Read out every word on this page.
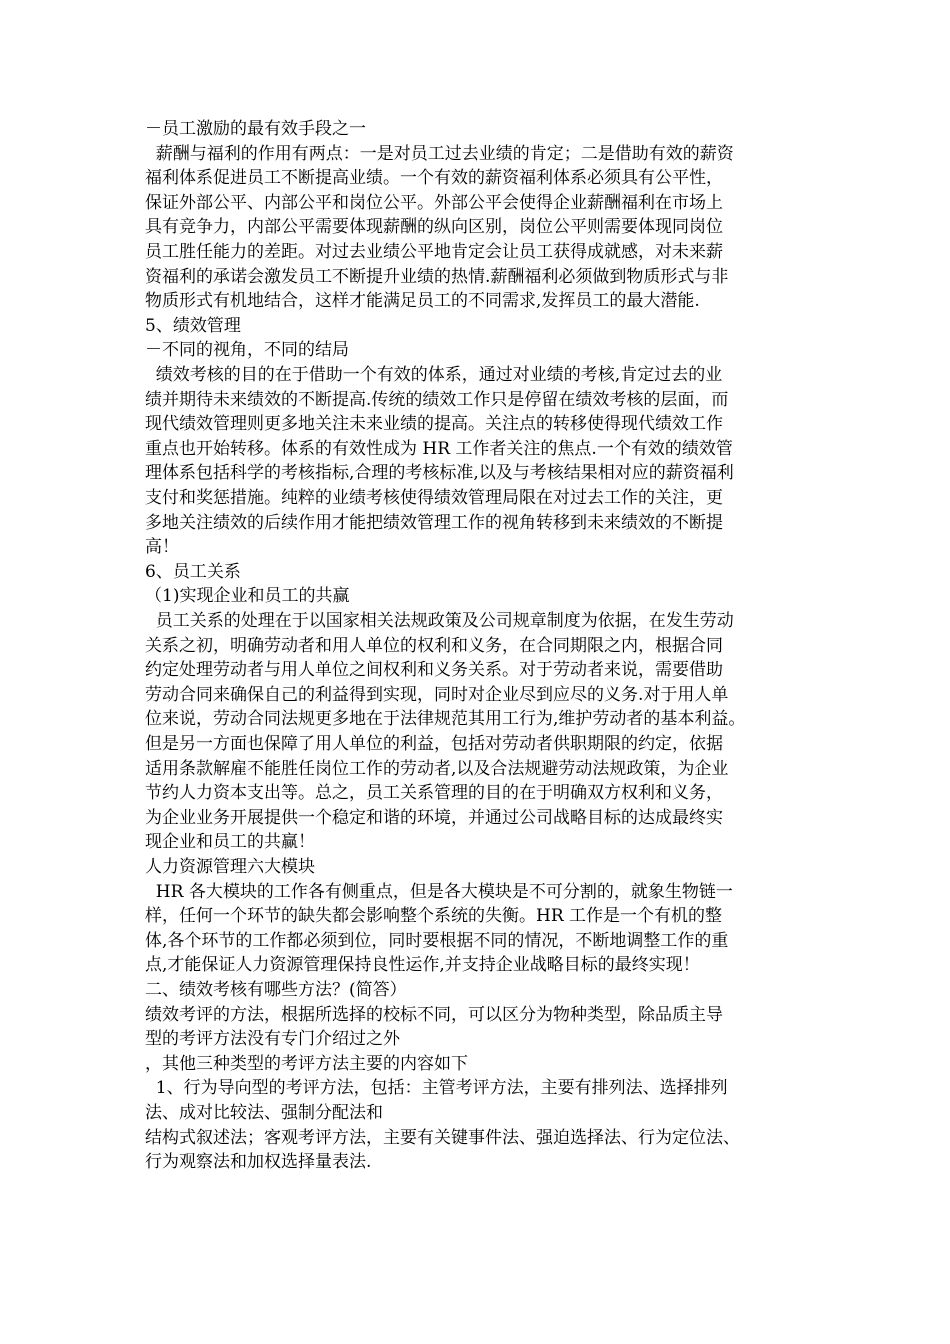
－员工激励的最有效手段之一
薪酬与福利的作用有两点：一是对员工过去业绩的肯定；二是借助有效的薪资
福利体系促进员工不断提高业绩。一个有效的薪资福利体系必须具有公平性，
保证外部公平、内部公平和岗位公平。外部公平会使得企业薪酬福利在市场上
具有竞争力，内部公平需要体现薪酬的纵向区别，岗位公平则需要体现同岗位
员工胜任能力的差距。对过去业绩公平地肯定会让员工获得成就感，对未来薪
资福利的承诺会激发员工不断提升业绩的热情.薪酬福利必须做到物质形式与非
物质形式有机地结合，这样才能满足员工的不同需求,发挥员工的最大潜能.
5、绩效管理
－不同的视角，不同的结局
绩效考核的目的在于借助一个有效的体系，通过对业绩的考核,肯定过去的业
绩并期待未来绩效的不断提高.传统的绩效工作只是停留在绩效考核的层面，而
现代绩效管理则更多地关注未来业绩的提高。关注点的转移使得现代绩效工作
重点也开始转移。体系的有效性成为 HR 工作者关注的焦点.一个有效的绩效管
理体系包括科学的考核指标,合理的考核标准,以及与考核结果相对应的薪资福利
支付和奖惩措施。纯粹的业绩考核使得绩效管理局限在对过去工作的关注，更
多地关注绩效的后续作用才能把绩效管理工作的视角转移到未来绩效的不断提
高！
6、员工关系
（1)实现企业和员工的共赢
员工关系的处理在于以国家相关法规政策及公司规章制度为依据，在发生劳动
关系之初，明确劳动者和用人单位的权利和义务，在合同期限之内，根据合同
约定处理劳动者与用人单位之间权利和义务关系。对于劳动者来说，需要借助
劳动合同来确保自己的利益得到实现，同时对企业尽到应尽的义务.对于用人单
位来说，劳动合同法规更多地在于法律规范其用工行为,维护劳动者的基本利益。
但是另一方面也保障了用人单位的利益，包括对劳动者供职期限的约定，依据
适用条款解雇不能胜任岗位工作的劳动者,以及合法规避劳动法规政策，为企业
节约人力资本支出等。总之，员工关系管理的目的在于明确双方权利和义务，
为企业业务开展提供一个稳定和谐的环境，并通过公司战略目标的达成最终实
现企业和员工的共赢！
人力资源管理六大模块
HR 各大模块的工作各有侧重点，但是各大模块是不可分割的，就象生物链一
样，任何一个环节的缺失都会影响整个系统的失衡。HR 工作是一个有机的整
体,各个环节的工作都必须到位，同时要根据不同的情况，不断地调整工作的重
点,才能保证人力资源管理保持良性运作,并支持企业战略目标的最终实现！
二、绩效考核有哪些方法？(简答）
绩效考评的方法，根据所选择的校标不同，可以区分为物种类型，除品质主导
型的考评方法没有专门介绍过之外
，其他三种类型的考评方法主要的内容如下
1、行为导向型的考评方法，包括：主管考评方法，主要有排列法、选择排列
法、成对比较法、强制分配法和
结构式叙述法；客观考评方法，主要有关键事件法、强迫选择法、行为定位法、
行为观察法和加权选择量表法.
